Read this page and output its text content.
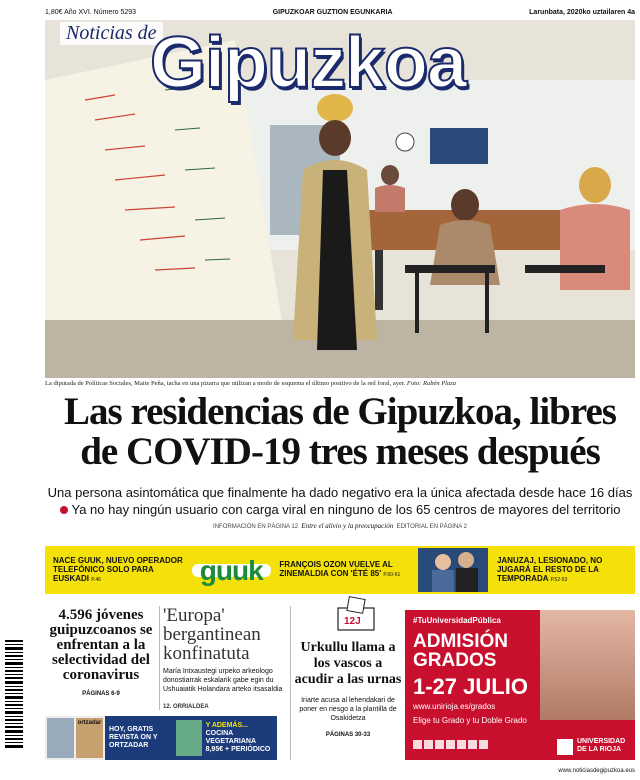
1,80€ Año XVI. Número 5293	GIPUZKOAR GUZTION EGUNKARIA	Larunbata, 2020ko uztailaren 4a
Noticias de
Gipuzkoa
La diputada de Políticas Sociales, Maite Peña, tacha en una pizarra que utilizan a modo de esquema el último positivo de la red foral, ayer. Foto: Rubén Plaza
Las residencias de Gipuzkoa, libres
de COVID-19 tres meses después
Una persona asintomática que finalmente ha dado negativo era la única afectada desde hace 16 días
Ya no hay ningún usuario con carga viral en ninguno de los 65 centros de mayores del territorio
INFORMACIÓN EN PÁGINA 12 Entre el alivio y la preocupación EDITORIAL EN PÁGINA 2
NACE GUUK, NUEVO OPERADOR TELEFÓNICO SOLO PARA EUSKADI P.46	guuk	FRANÇOIS OZON VUELVE AL ZINEMALDIA CON 'ÉTÉ 85' P.60-61
JANUZAJ, LESIONADO, NO JUGARÁ EL RESTO DE LA TEMPORADA P.52-53
4.596 jóvenes guipuzcoanos se enfrentan a la selectividad del coronavirus
PÁGINAS 6-9
'Europa' bergantinean konfinatuta
María Intxaustegi urpeko arkeologo donostiarrak eskalarik gabe egin du Ushuaiatik Holandara arteko itsasaldia
12. ORRIALDEA
12J
Urkullu llama a los vascos a acudir a las urnas
Iriarte acusa al lehendakari de poner en riesgo a la plantilla de Osakidetza
PÁGINAS 30-33
#TuUniversidadPública
ADMISIÓN
GRADOS
1-27 JULIO
www.unirioja.es/grados
Elige tu Grado y tu Doble Grado
UNIVERSIDAD DE LA RIOJA
ortzadar
HOY, GRATIS REVISTA ON Y ORTZADAR
Y ADEMÁS...
COCINA VEGETARIANA 8,95€ + PERIÓDICO
www.noticiasdegipuzkoa.eus
